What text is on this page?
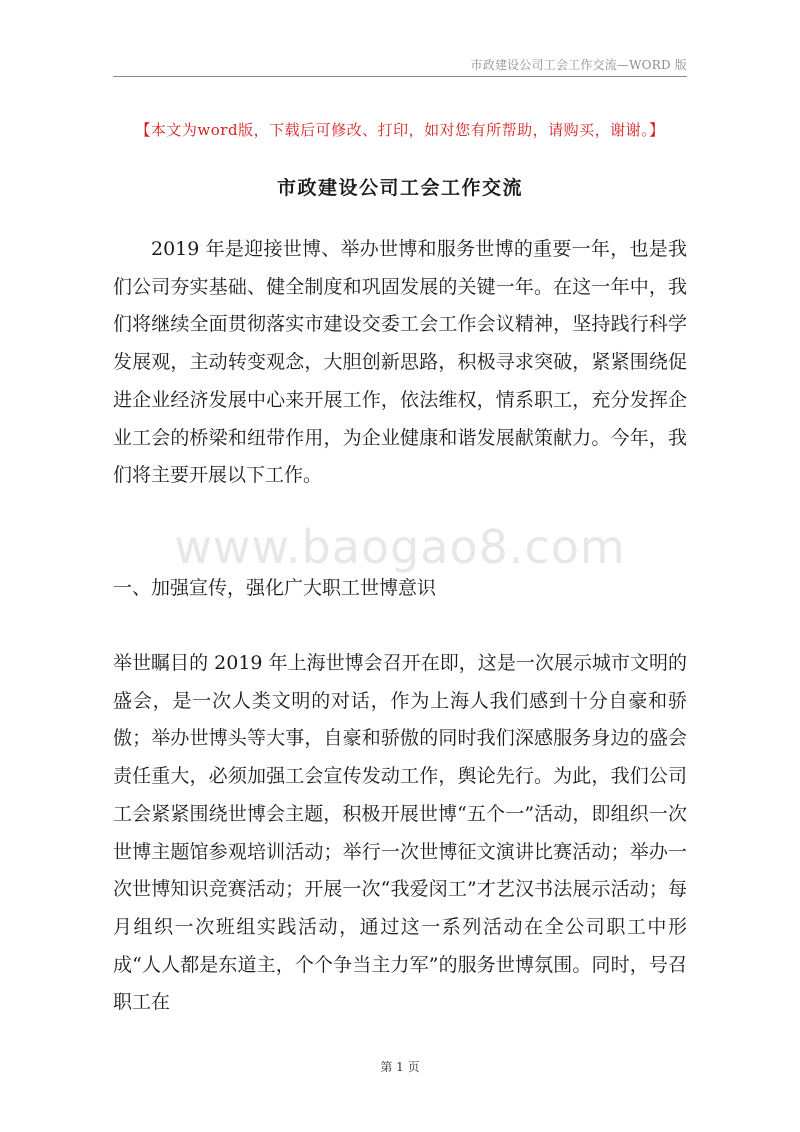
市政建设公司工会工作交流—WORD 版
【本文为word版，下载后可修改、打印，如对您有所帮助，请购买，谢谢。】
市政建设公司工会工作交流

2019 年是迎接世博、举办世博和服务世博的重要一年，也是我们公司夯实基础、健全制度和巩固发展的关键一年。在这一年中，我们将继续全面贯彻落实市建设交委工会工作会议精神，坚持践行科学发展观，主动转变观念，大胆创新思路，积极寻求突破，紧紧围绕促进企业经济发展中心来开展工作，依法维权，情系职工，充分发挥企业工会的桥梁和纽带作用，为企业健康和谐发展献策献力。今年，我们将主要开展以下工作。

www.baogao8.com
一、加强宣传，强化广大职工世博意识

举世瞩目的 2019 年上海世博会召开在即，这是一次展示城市文明的盛会，是一次人类文明的对话，作为上海人我们感到十分自豪和骄傲；举办世博头等大事，自豪和骄傲的同时我们深感服务身边的盛会责任重大，必须加强工会宣传发动工作，舆论先行。为此，我们公司工会紧紧围绕世博会主题，积极开展世博“五个一”活动，即组织一次世博主题馆参观培训活动；举行一次世博征文演讲比赛活动；举办一次世博知识竞赛活动；开展一次“我爱闵工”才艺汉书法展示活动；每月组织一次班组实践活动，通过这一系列活动在全公司职工中形成“人人都是东道主，个个争当主力军”的服务世博氛围。同时，号召职工在

第 1 页
